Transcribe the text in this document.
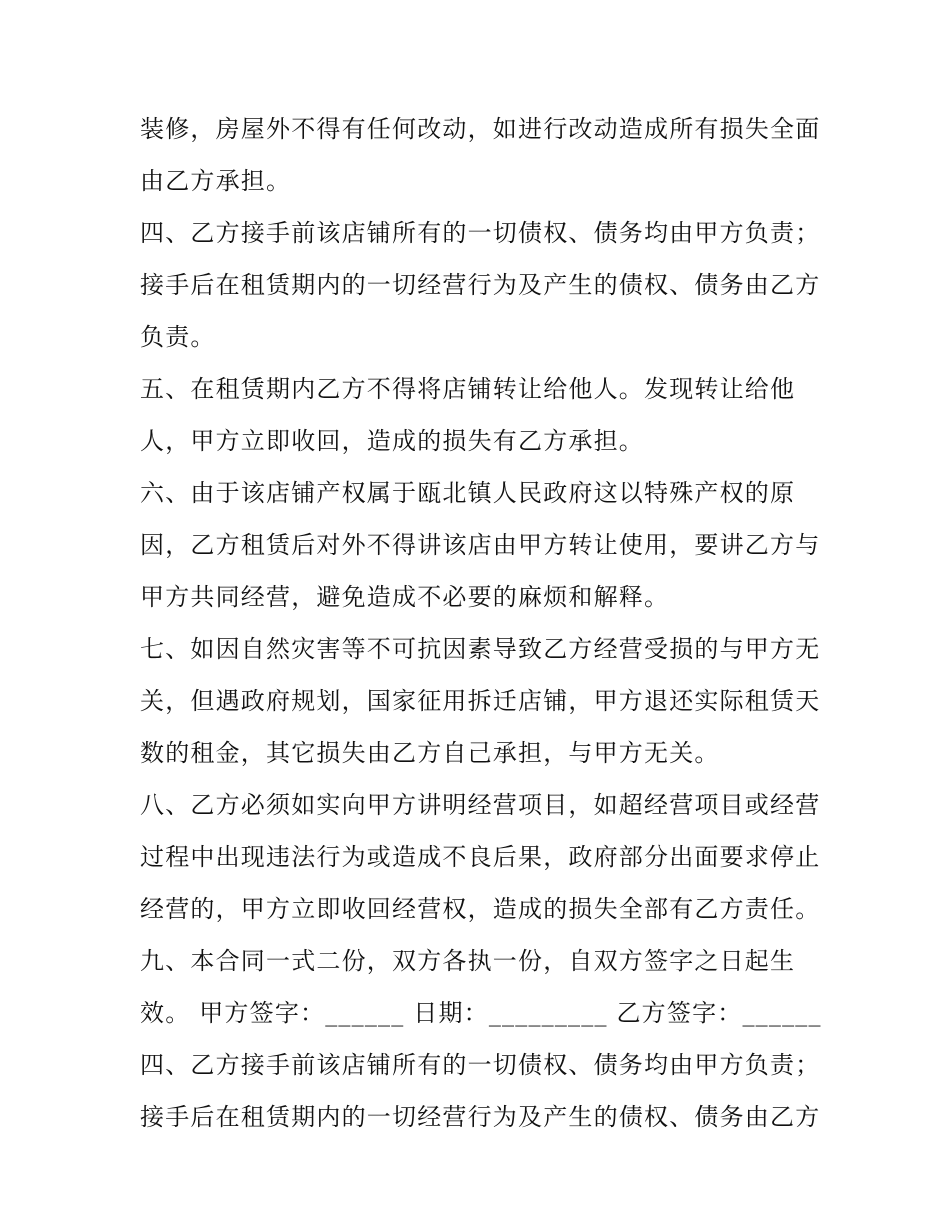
装修，房屋外不得有任何改动，如进行改动造成所有损失全面
由乙方承担。
四、乙方接手前该店铺所有的一切债权、债务均由甲方负责；
接手后在租赁期内的一切经营行为及产生的债权、债务由乙方
负责。
五、在租赁期内乙方不得将店铺转让给他人。发现转让给他
人，甲方立即收回，造成的损失有乙方承担。
六、由于该店铺产权属于瓯北镇人民政府这以特殊产权的原
因，乙方租赁后对外不得讲该店由甲方转让使用，要讲乙方与
甲方共同经营，避免造成不必要的麻烦和解释。
七、如因自然灾害等不可抗因素导致乙方经营受损的与甲方无
关，但遇政府规划，国家征用拆迁店铺，甲方退还实际租赁天
数的租金，其它损失由乙方自己承担，与甲方无关。
八、乙方必须如实向甲方讲明经营项目，如超经营项目或经营
过程中出现违法行为或造成不良后果，政府部分出面要求停止
经营的，甲方立即收回经营权，造成的损失全部有乙方责任。
九、本合同一式二份，双方各执一份，自双方签字之日起生
效。 甲方签字：______ 日期：_________ 乙方签字：______
四、乙方接手前该店铺所有的一切债权、债务均由甲方负责；
接手后在租赁期内的一切经营行为及产生的债权、债务由乙方
